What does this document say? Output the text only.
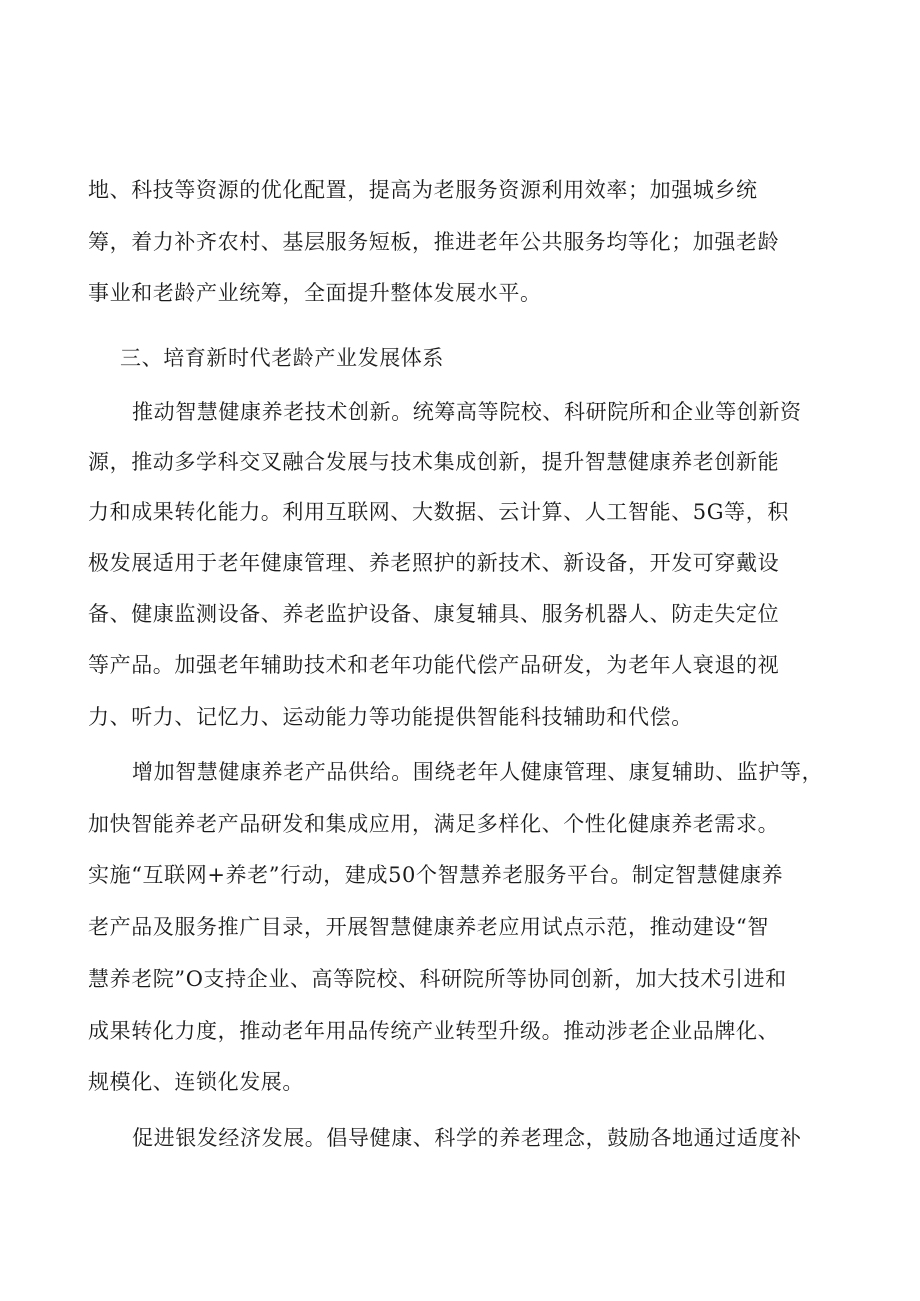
地、科技等资源的优化配置，提高为老服务资源利用效率；加强城乡统
筹，着力补齐农村、基层服务短板，推进老年公共服务均等化；加强老龄
事业和老龄产业统筹，全面提升整体发展水平。
三、培育新时代老龄产业发展体系
推动智慧健康养老技术创新。统筹高等院校、科研院所和企业等创新资
源，推动多学科交叉融合发展与技术集成创新，提升智慧健康养老创新能
力和成果转化能力。利用互联网、大数据、云计算、人工智能、5G等，积
极发展适用于老年健康管理、养老照护的新技术、新设备，开发可穿戴设
备、健康监测设备、养老监护设备、康复辅具、服务机器人、防走失定位
等产品。加强老年辅助技术和老年功能代偿产品研发，为老年人衰退的视
力、听力、记忆力、运动能力等功能提供智能科技辅助和代偿。
增加智慧健康养老产品供给。围绕老年人健康管理、康复辅助、监护等，
加快智能养老产品研发和集成应用，满足多样化、个性化健康养老需求。
实施“互联网+养老”行动，建成50个智慧养老服务平台。制定智慧健康养
老产品及服务推广目录，开展智慧健康养老应用试点示范，推动建设“智
慧养老院”O支持企业、高等院校、科研院所等协同创新，加大技术引进和
成果转化力度，推动老年用品传统产业转型升级。推动涉老企业品牌化、
规模化、连锁化发展。
促进银发经济发展。倡导健康、科学的养老理念，鼓励各地通过适度补
